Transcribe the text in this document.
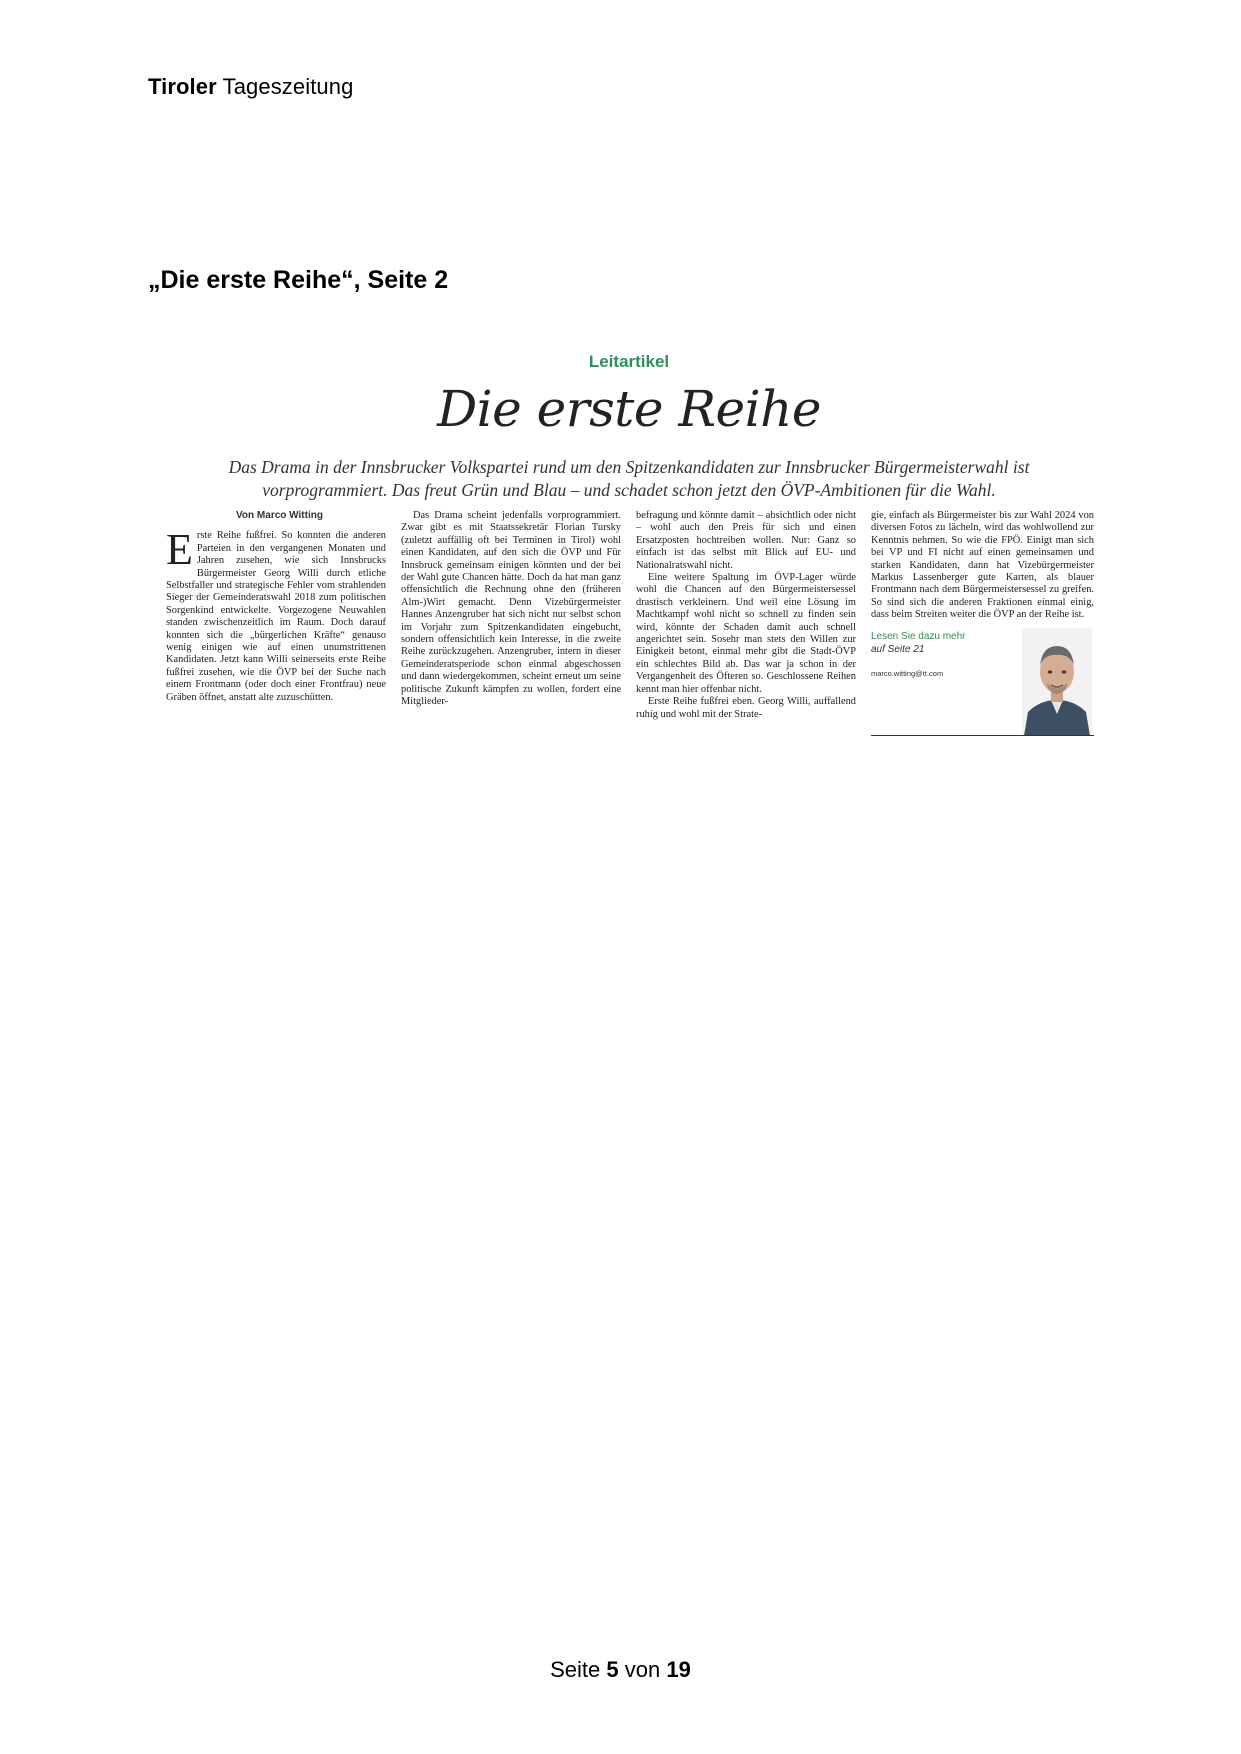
Tiroler Tageszeitung
„Die erste Reihe“, Seite 2
Leitartikel
Die erste Reihe
Das Drama in der Innsbrucker Volkspartei rund um den Spitzenkandidaten zur Innsbrucker Bürgermeisterwahl ist
vorprogrammiert. Das freut Grün und Blau – und schadet schon jetzt den ÖVP-Ambitionen für die Wahl.
Von Marco Witting
E rste Reihe fußfrei. So konnten die anderen Parteien in den vergangenen Monaten und Jahren zusehen, wie sich Innsbrucks Bürgermeister Georg Willi durch etliche Selbstfaller und strategische Fehler vom strahlenden Sieger der Gemeinderatswahl 2018 zum politischen Sorgenkind entwickelte. Vorgezogene Neuwahlen standen zwischenzeitlich im Raum. Doch darauf konnten sich die „bürgerlichen Kräfte“ genauso wenig einigen wie auf einen unumstrittenen Kandidaten. Jetzt kann Willi seinerseits erste Reihe fußfrei zusehen, wie die ÖVP bei der Suche nach einem Frontmann (oder doch einer Frontfrau) neue Gräben öffnet, anstatt alte zuzuschütten.

Das Drama scheint jedenfalls vorprogrammiert. Zwar gibt es mit Staatssekretär Florian Tursky (zuletzt auffällig oft bei Terminen in Tirol) wohl einen Kandidaten, auf den sich die ÖVP und Für Innsbruck gemeinsam einigen könnten und der bei der Wahl gute Chancen hätte. Doch da hat man ganz offensichtlich die Rechnung ohne den (früheren Alm-)Wirt gemacht. Denn Vizebürgermeister Hannes Anzengruber hat sich nicht nur selbst schon im Vorjahr zum Spitzenkandidaten eingebucht, sondern offensichtlich kein Interesse, in die zweite Reihe zurückzugehen. Anzengruber, intern in dieser Gemeinderatsperiode schon einmal abgeschossen und dann wiedergekommen, scheint erneut um seine politische Zukunft kämpfen zu wollen, fordert eine Mitglieder-

befragung und könnte damit – absichtlich oder nicht – wohl auch den Preis für sich und einen Ersatzposten hochtreiben wollen. Nur: Ganz so einfach ist das selbst mit Blick auf EU- und Nationalratswahl nicht.

Eine weitere Spaltung im ÖVP-Lager würde wohl die Chancen auf den Bürgermeistersessel drastisch verkleinern. Und weil eine Lösung im Machtkampf wohl nicht so schnell zu finden sein wird, könnte der Schaden damit auch schnell angerichtet sein. Sosehr man stets den Willen zur Einigkeit betont, einmal mehr gibt die Stadt-ÖVP ein schlechtes Bild ab. Das war ja schon in der Vergangenheit des Öfteren so. Geschlossene Reihen kennt man hier offenbar nicht.

Erste Reihe fußfrei eben. Georg Willi, auffallend ruhig und wohl mit der Strate-

gie, einfach als Bürgermeister bis zur Wahl 2024 von diversen Fotos zu lächeln, wird das wohlwollend zur Kenntnis nehmen. So wie die FPÖ. Einigt man sich bei VP und FI nicht auf einen gemeinsamen und starken Kandidaten, dann hat Vizebürgermeister Markus Lassenberger gute Karten, als blauer Frontmann nach dem Bürgermeistersessel zu greifen. So sind sich die anderen Fraktionen einmal einig, dass beim Streiten weiter die ÖVP an der Reihe ist.

Lesen Sie dazu mehr
auf Seite 21
marco.witting@tt.com
Seite 5 von 19
